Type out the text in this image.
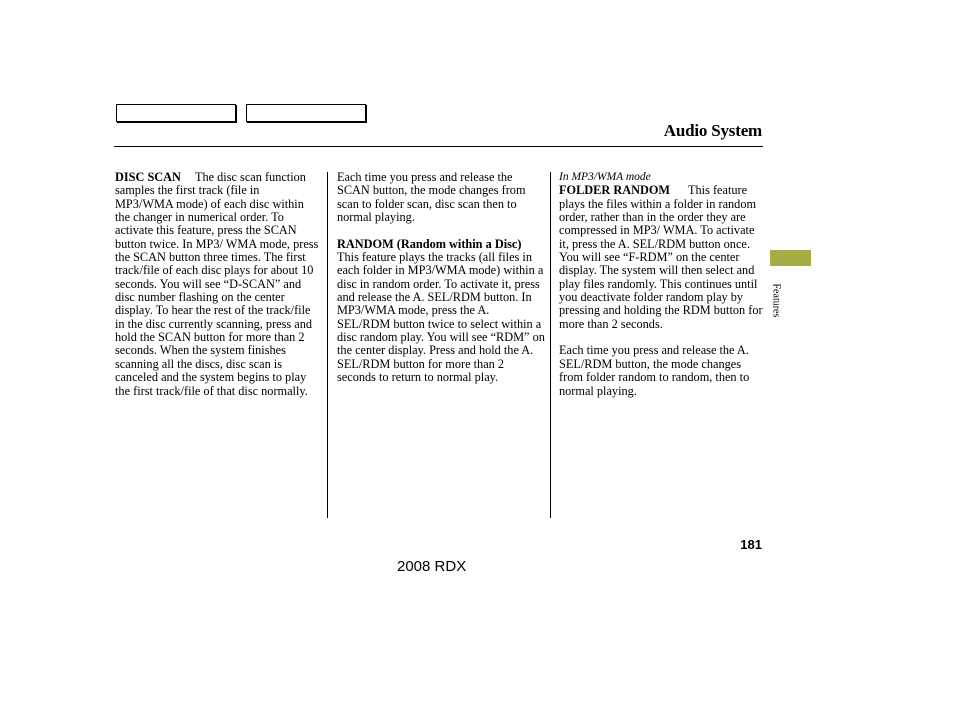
Audio System

DISC SCAN The disc scan function samples the first track (file in MP3/WMA mode) of each disc within the changer in numerical order. To activate this feature, press the SCAN button twice. In MP3/ WMA mode, press the SCAN button three times. The first track/file of each disc plays for about 10 seconds. You will see “D-SCAN” and disc number flashing on the center display. To hear the rest of the track/file in the disc currently scanning, press and hold the SCAN button for more than 2 seconds. When the system finishes scanning all the discs, disc scan is canceled and the system begins to play the first track/file of that disc normally.

Each time you press and release the SCAN button, the mode changes from scan to folder scan, disc scan then to normal playing.

RANDOM (Random within a Disc)This feature plays the tracks (all files in each folder in MP3/WMA mode) within a disc in random order. To activate it, press and release the A. SEL/RDM button. In MP3/WMA mode, press the A. SEL/RDM button twice to select within a disc random play. You will see “RDM” on the center display. Press and hold the A. SEL/RDM button for more than 2 seconds to return to normal play.

In MP3/WMA mode

FOLDER RANDOM This feature plays the files within a folder in random order, rather than in the order they are compressed in MP3/ WMA. To activate it, press the A. SEL/RDM button once. You will see “F-RDM” on the center display. The system will then select and play files randomly. This continues until you deactivate folder random play by pressing and holding the RDM button for more than 2 seconds.

Each time you press and release the A. SEL/RDM button, the mode changes from folder random to random, then to normal playing.

Features
181
2008 RDX
